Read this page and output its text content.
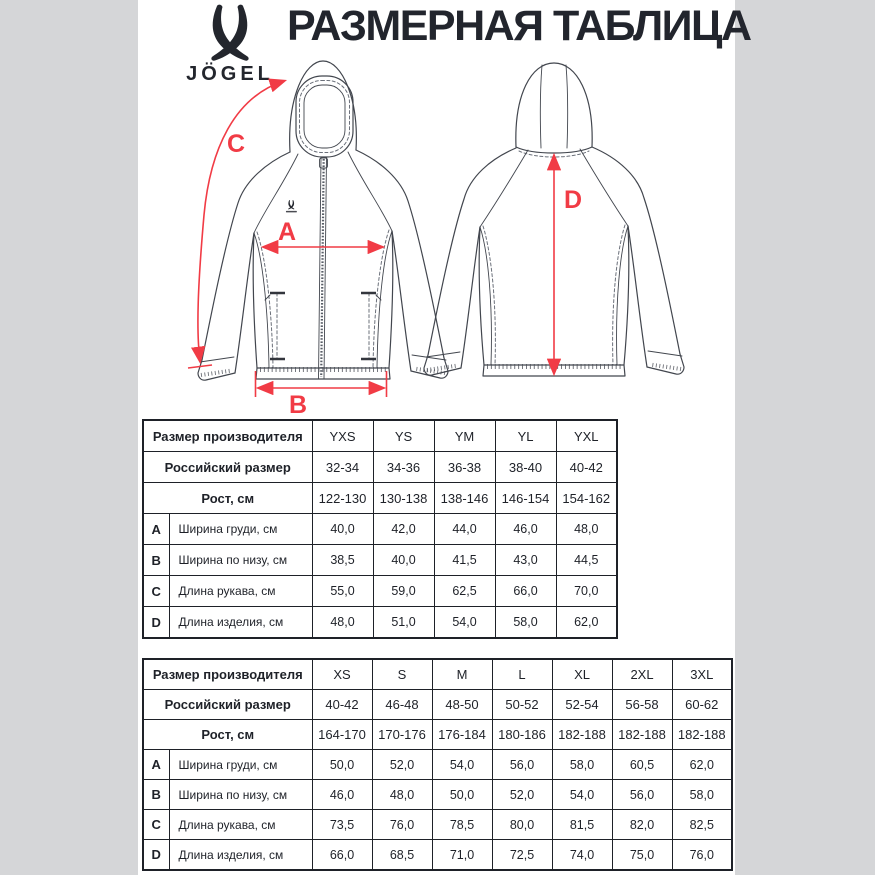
JÖGEL
РАЗМЕРНАЯ ТАБЛИЦА
A
B
C
D
Размер производителя		YXS	YS	YM	YL	YXL
Российский размер		32-34	34-36	36-38	38-40	40-42
Рост, см		122-130	130-138	138-146	146-154	154-162
A	Ширина груди, см	40,0	42,0	44,0	46,0	48,0
B	Ширина по низу, см	38,5	40,0	41,5	43,0	44,5
C	Длина рукава, см	55,0	59,0	62,5	66,0	70,0
D	Длина изделия, см	48,0	51,0	54,0	58,0	62,0
Размер производителя		XS	S	M	L	XL	2XL	3XL
Российский размер		40-42	46-48	48-50	50-52	52-54	56-58	60-62
Рост, см		164-170	170-176	176-184	180-186	182-188	182-188	182-188
A	Ширина груди, см	50,0	52,0	54,0	56,0	58,0	60,5	62,0
B	Ширина по низу, см	46,0	48,0	50,0	52,0	54,0	56,0	58,0
C	Длина рукава, см	73,5	76,0	78,5	80,0	81,5	82,0	82,5
D	Длина изделия, см	66,0	68,5	71,0	72,5	74,0	75,0	76,0
